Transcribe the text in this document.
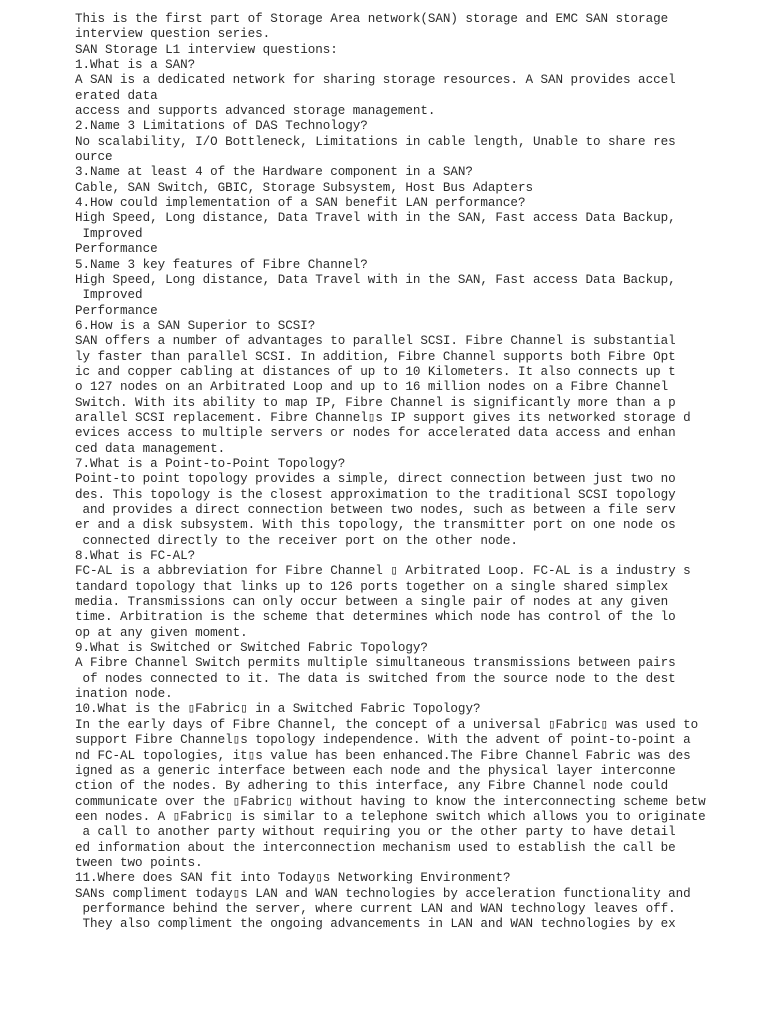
This is the first part of Storage Area network(SAN) storage and EMC SAN storage
interview question series.
SAN Storage L1 interview questions:
1.What is a SAN?
A SAN is a dedicated network for sharing storage resources. A SAN provides accel
erated data
access and supports advanced storage management.
2.Name 3 Limitations of DAS Technology?
No scalability, I/O Bottleneck, Limitations in cable length, Unable to share res
ource
3.Name at least 4 of the Hardware component in a SAN?
Cable, SAN Switch, GBIC, Storage Subsystem, Host Bus Adapters
4.How could implementation of a SAN benefit LAN performance?
High Speed, Long distance, Data Travel with in the SAN, Fast access Data Backup,
Improved
Performance
5.Name 3 key features of Fibre Channel?
High Speed, Long distance, Data Travel with in the SAN, Fast access Data Backup,
Improved
Performance
6.How is a SAN Superior to SCSI?
SAN offers a number of advantages to parallel SCSI. Fibre Channel is substantial
ly faster than parallel SCSI. In addition, Fibre Channel supports both Fibre Opt
ic and copper cabling at distances of up to 10 Kilometers. It also connects up t
o 127 nodes on an Arbitrated Loop and up to 16 million nodes on a Fibre Channel
Switch. With its ability to map IP, Fibre Channel is significantly more than a p
arallel SCSI replacement. Fibre Channel▯s IP support gives its networked storage d
evices access to multiple servers or nodes for accelerated data access and enhan
ced data management.
7.What is a Point-to-Point Topology?
Point-to point topology provides a simple, direct connection between just two no
des. This topology is the closest approximation to the traditional SCSI topology
and provides a direct connection between two nodes, such as between a file serv
er and a disk subsystem. With this topology, the transmitter port on one node os
connected directly to the receiver port on the other node.
8.What is FC-AL?
FC-AL is a abbreviation for Fibre Channel ▯ Arbitrated Loop. FC-AL is a industry s
tandard topology that links up to 126 ports together on a single shared simplex
media. Transmissions can only occur between a single pair of nodes at any given
time. Arbitration is the scheme that determines which node has control of the lo
op at any given moment.
9.What is Switched or Switched Fabric Topology?
A Fibre Channel Switch permits multiple simultaneous transmissions between pairs
of nodes connected to it. The data is switched from the source node to the dest
ination node.
10.What is the ▯Fabric▯ in a Switched Fabric Topology?
In the early days of Fibre Channel, the concept of a universal ▯Fabric▯ was used to
support Fibre Channel▯s topology independence. With the advent of point-to-point a
nd FC-AL topologies, it▯s value has been enhanced.The Fibre Channel Fabric was des
igned as a generic interface between each node and the physical layer interconne
ction of the nodes. By adhering to this interface, any Fibre Channel node could
communicate over the ▯Fabric▯ without having to know the interconnecting scheme betw
een nodes. A ▯Fabric▯ is similar to a telephone switch which allows you to originate
a call to another party without requiring you or the other party to have detail
ed information about the interconnection mechanism used to establish the call be
tween two points.
11.Where does SAN fit into Today▯s Networking Environment?
SANs compliment today▯s LAN and WAN technologies by acceleration functionality and
performance behind the server, where current LAN and WAN technology leaves off.
They also compliment the ongoing advancements in LAN and WAN technologies by ex
